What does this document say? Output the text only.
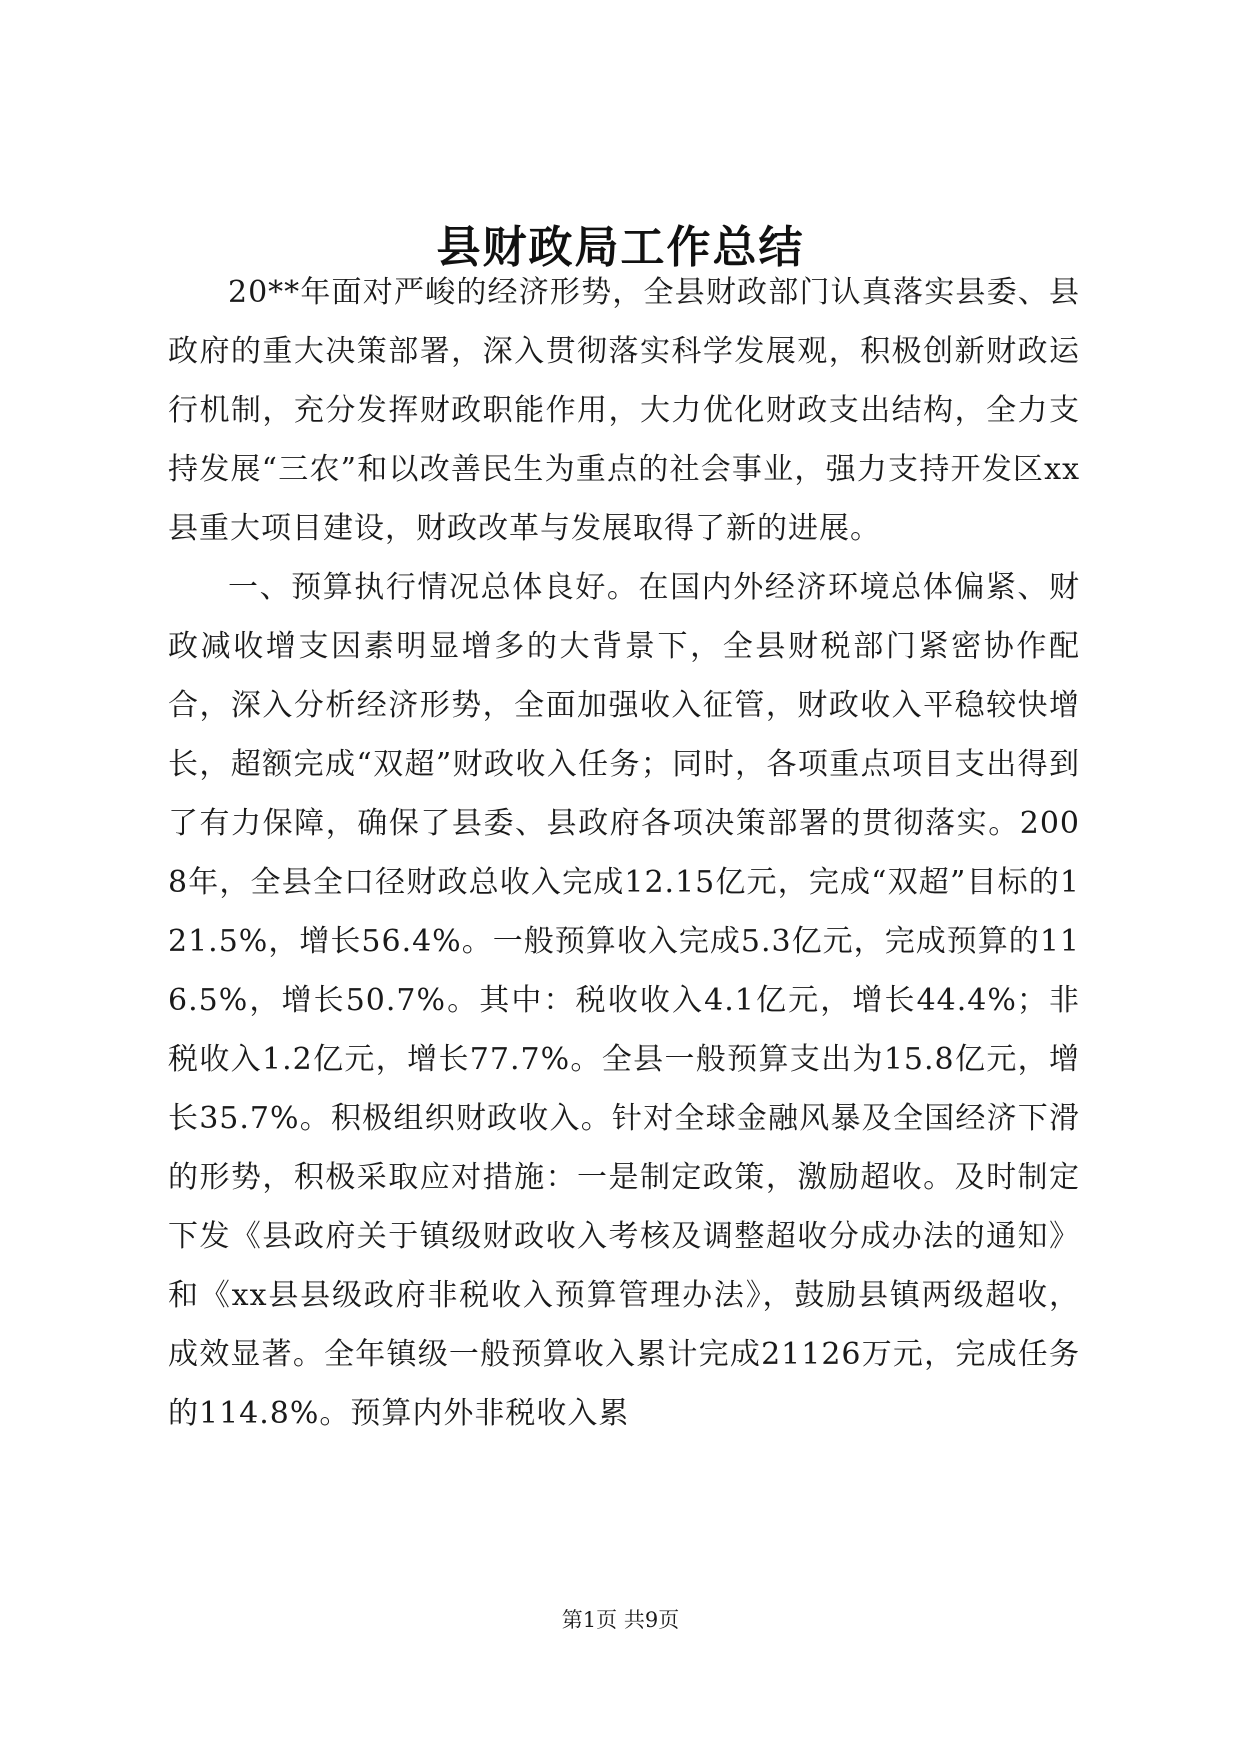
县财政局工作总结

20**年面对严峻的经济形势，全县财政部门认真落实县委、县政府的重大决策部署，深入贯彻落实科学发展观，积极创新财政运行机制，充分发挥财政职能作用，大力优化财政支出结构，全力支持发展“三农”和以改善民生为重点的社会事业，强力支持开发区xx县重大项目建设，财政改革与发展取得了新的进展。

一、预算执行情况总体良好。在国内外经济环境总体偏紧、财政减收增支因素明显增多的大背景下，全县财税部门紧密协作配合，深入分析经济形势，全面加强收入征管，财政收入平稳较快增长，超额完成“双超”财政收入任务；同时，各项重点项目支出得到了有力保障，确保了县委、县政府各项决策部署的贯彻落实。2008年，全县全口径财政总收入完成12.15亿元，完成“双超”目标的121.5%，增长56.4%。一般预算收入完成5.3亿元，完成预算的116.5%，增长50.7%。其中：税收收入4.1亿元，增长44.4%；非税收入1.2亿元，增长77.7%。全县一般预算支出为15.8亿元，增长35.7%。积极组织财政收入。针对全球金融风暴及全国经济下滑的形势，积极采取应对措施：一是制定政策，激励超收。及时制定下发《县政府关于镇级财政收入考核及调整超收分成办法的通知》和《xx县县级政府非税收入预算管理办法》，鼓励县镇两级超收，成效显著。全年镇级一般预算收入累计完成21126万元，完成任务的114.8%。预算内外非税收入累

第1页 共9页
